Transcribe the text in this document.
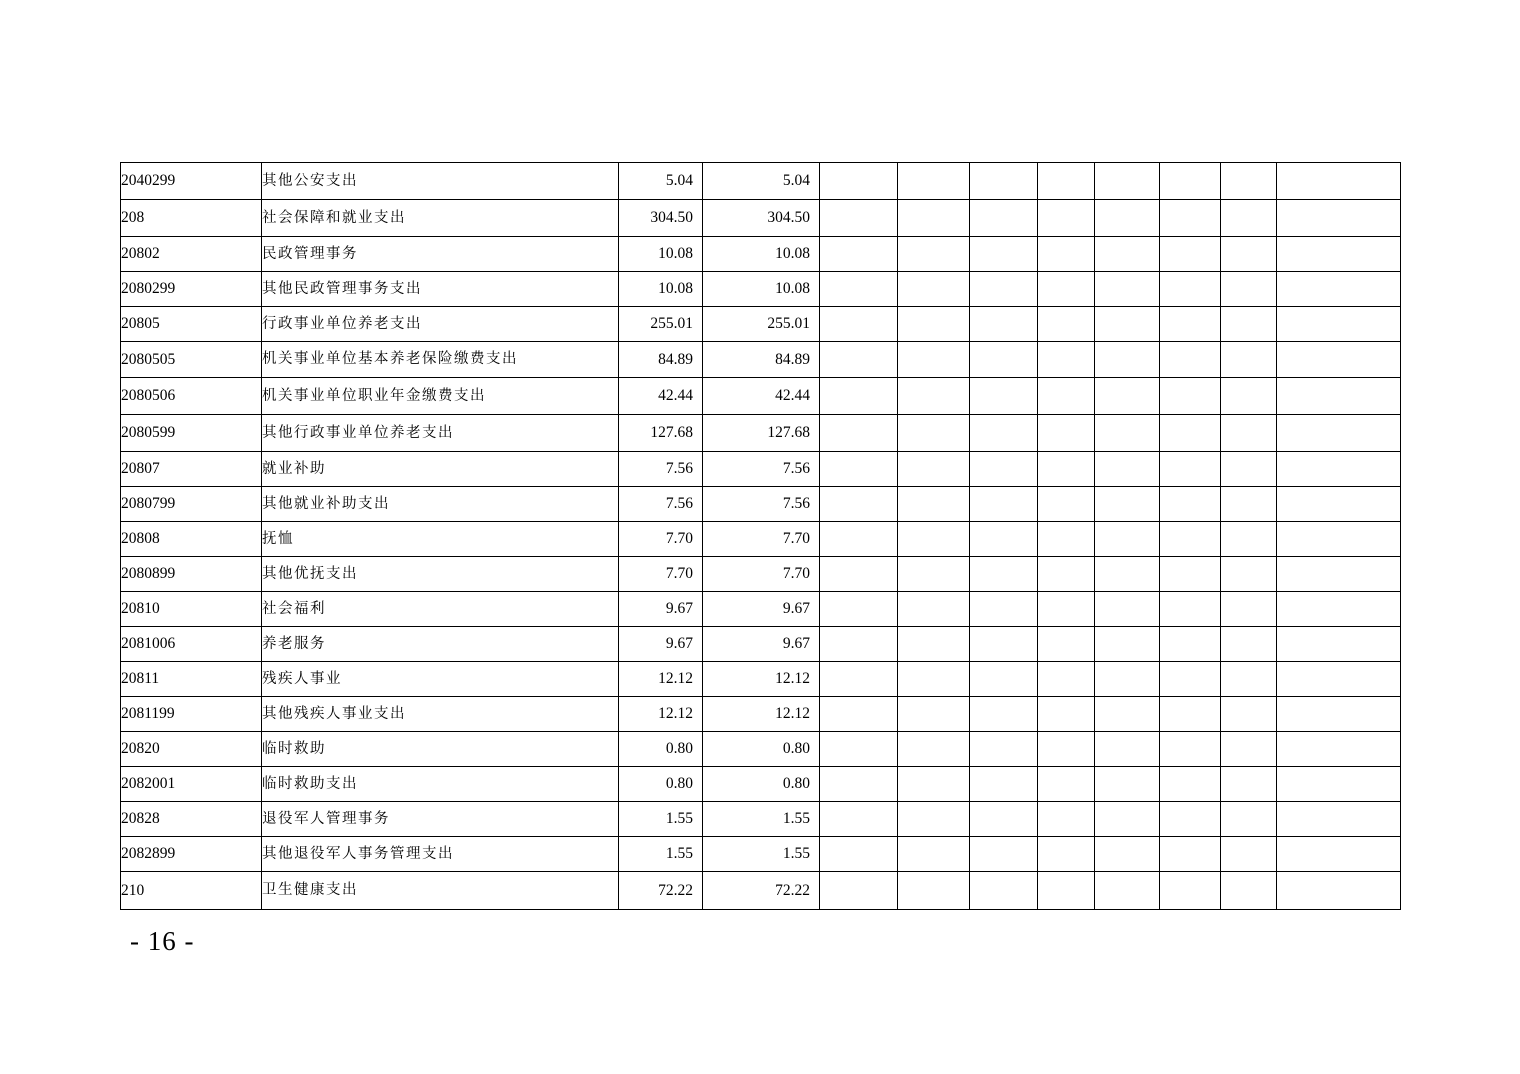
2040299	其他公安支出	5.04	5.04								
208	社会保障和就业支出	304.50	304.50								
20802	民政管理事务	10.08	10.08								
2080299	其他民政管理事务支出	10.08	10.08								
20805	行政事业单位养老支出	255.01	255.01								
2080505	机关事业单位基本养老保险缴费支出	84.89	84.89								
2080506	机关事业单位职业年金缴费支出	42.44	42.44								
2080599	其他行政事业单位养老支出	127.68	127.68								
20807	就业补助	7.56	7.56								
2080799	其他就业补助支出	7.56	7.56								
20808	抚恤	7.70	7.70								
2080899	其他优抚支出	7.70	7.70								
20810	社会福利	9.67	9.67								
2081006	养老服务	9.67	9.67								
20811	残疾人事业	12.12	12.12								
2081199	其他残疾人事业支出	12.12	12.12								
20820	临时救助	0.80	0.80								
2082001	临时救助支出	0.80	0.80								
20828	退役军人管理事务	1.55	1.55								
2082899	其他退役军人事务管理支出	1.55	1.55								
210	卫生健康支出	72.22	72.22								
- 16 -
